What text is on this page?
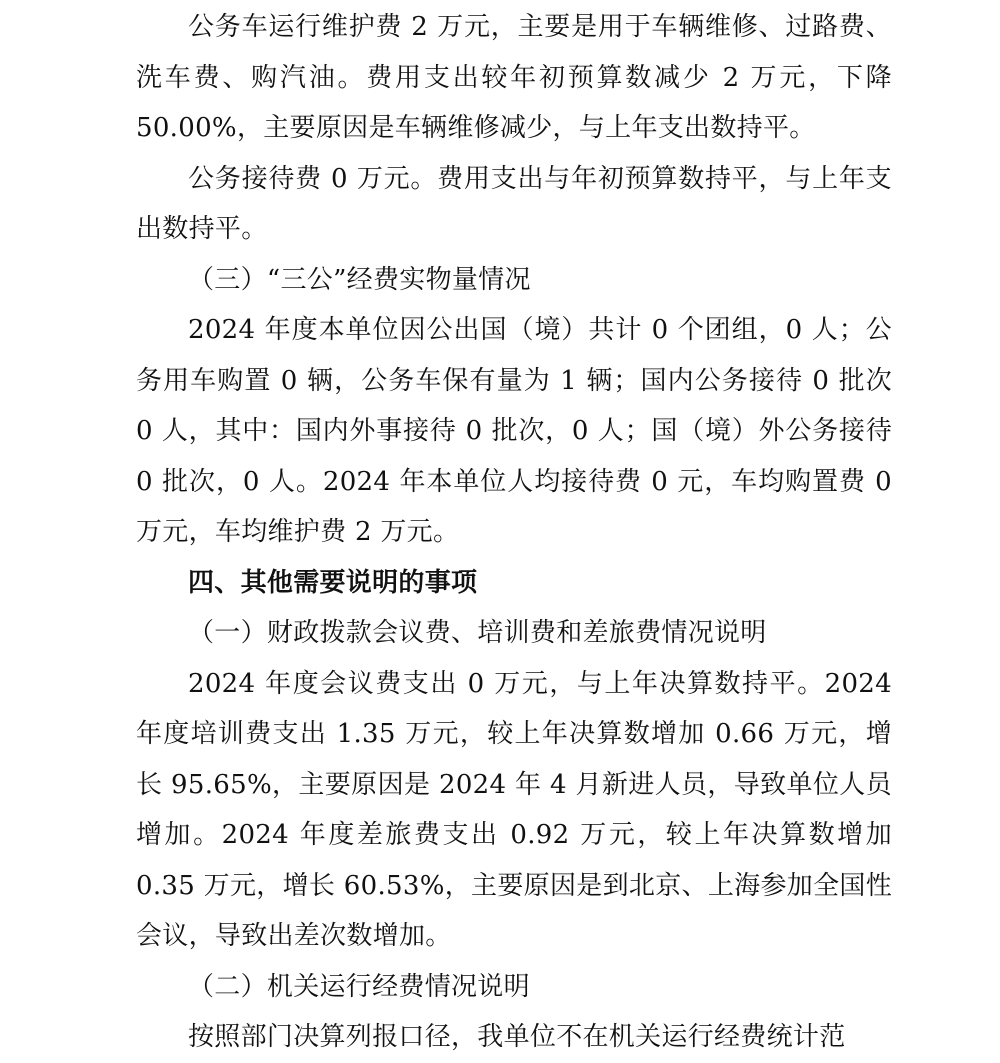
公务车运行维护费 2 万元，主要是用于车辆维修、过路费、洗车费、购汽油。费用支出较年初预算数减少 2 万元，下降 50.00%，主要原因是车辆维修减少，与上年支出数持平。

公务接待费 0 万元。费用支出与年初预算数持平，与上年支出数持平。

（三）“三公”经费实物量情况

2024 年度本单位因公出国（境）共计 0 个团组，0 人；公务用车购置 0 辆，公务车保有量为 1 辆；国内公务接待 0 批次 0 人，其中：国内外事接待 0 批次，0 人；国（境）外公务接待 0 批次，0 人。2024 年本单位人均接待费 0 元，车均购置费 0 万元，车均维护费 2 万元。

四、其他需要说明的事项

（一）财政拨款会议费、培训费和差旅费情况说明

2024 年度会议费支出 0 万元，与上年决算数持平。2024 年度培训费支出 1.35 万元，较上年决算数增加 0.66 万元，增长 95.65%，主要原因是 2024 年 4 月新进人员，导致单位人员增加。2024 年度差旅费支出 0.92 万元，较上年决算数增加 0.35 万元，增长 60.53%，主要原因是到北京、上海参加全国性会议，导致出差次数增加。

（二）机关运行经费情况说明

按照部门决算列报口径，我单位不在机关运行经费统计范
